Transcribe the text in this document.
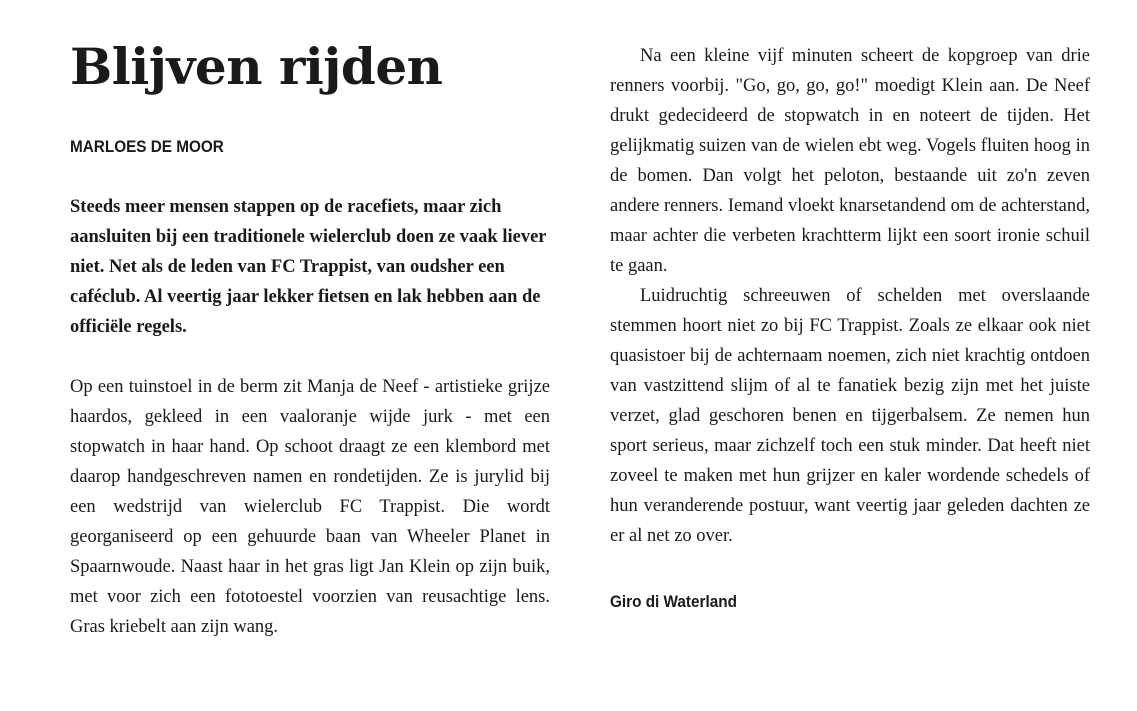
Blijven rijden
MARLOES DE MOOR

Steeds meer mensen stappen op de racefiets, maar zich aansluiten bij een traditionele wielerclub doen ze vaak liever niet. Net als de leden van FC Trappist, van oudsher een caféclub. Al veertig jaar lekker fietsen en lak hebben aan de officiële regels.

Op een tuinstoel in de berm zit Manja de Neef - artistieke grijze haardos, gekleed in een vaaloranje wijde jurk - met een stopwatch in haar hand. Op schoot draagt ze een klembord met daarop handgeschreven namen en rondetijden. Ze is jurylid bij een wedstrijd van wielerclub FC Trappist. Die wordt georganiseerd op een gehuurde baan van Wheeler Planet in Spaarnwoude. Naast haar in het gras ligt Jan Klein op zijn buik, met voor zich een fototoestel voorzien van reusachtige lens. Gras kriebelt aan zijn wang.

Na een kleine vijf minuten scheert de kopgroep van drie renners voorbij. "Go, go, go, go!" moedigt Klein aan. De Neef drukt gedecideerd de stopwatch in en noteert de tijden. Het gelijkmatig suizen van de wielen ebt weg. Vogels fluiten hoog in de bomen. Dan volgt het peloton, bestaande uit zo'n zeven andere renners. Iemand vloekt knarsetandend om de achterstand, maar achter die verbeten krachtterm lijkt een soort ironie schuil te gaan.

Luidruchtig schreeuwen of schelden met overslaande stemmen hoort niet zo bij FC Trappist. Zoals ze elkaar ook niet quasistoer bij de achternaam noemen, zich niet krachtig ontdoen van vastzittend slijm of al te fanatiek bezig zijn met het juiste verzet, glad geschoren benen en tijgerbalsem. Ze nemen hun sport serieus, maar zichzelf toch een stuk minder. Dat heeft niet zoveel te maken met hun grijzer en kaler wordende schedels of hun veranderende postuur, want veertig jaar geleden dachten ze er al net zo over.

Giro di Waterland
